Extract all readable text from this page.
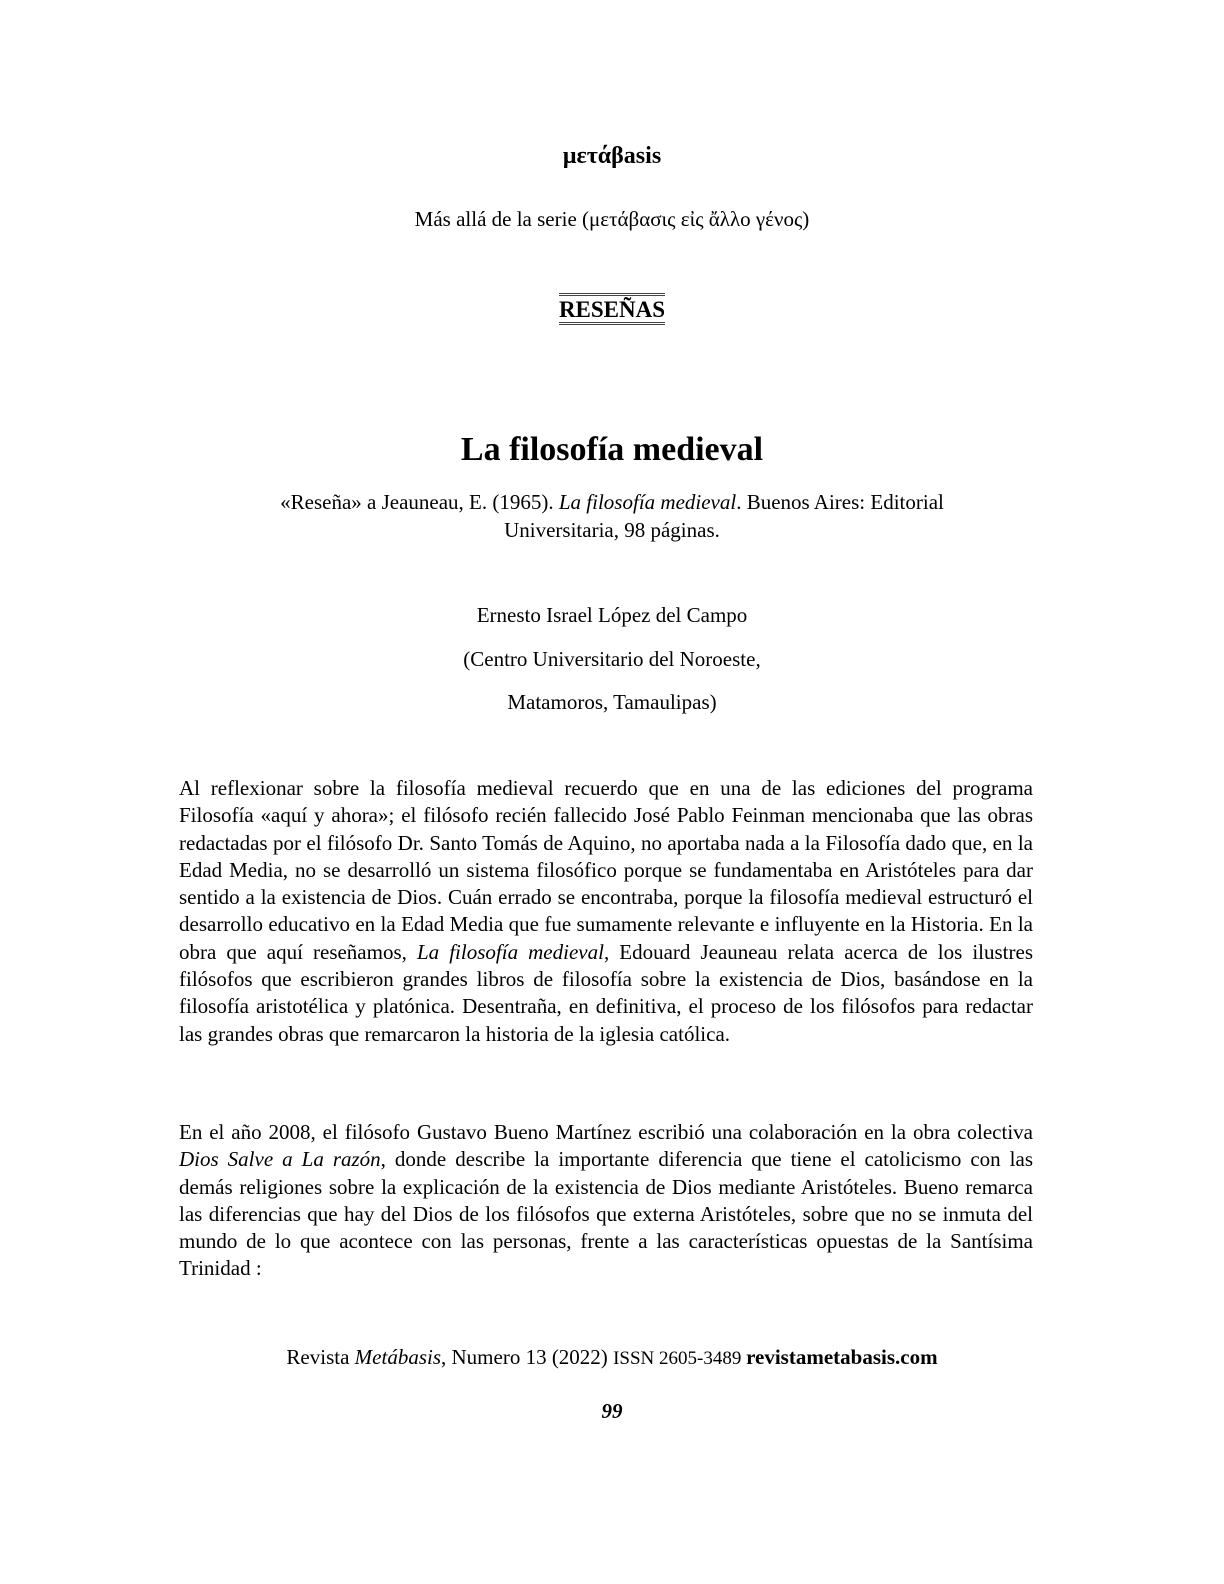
μετάβasis
Más allá de la serie (μετάβασις εἰς ἄλλο γένος)
RESEÑAS
La filosofía medieval
«Reseña» a Jeauneau, E. (1965). La filosofía medieval. Buenos Aires: Editorial Universitaria, 98 páginas.
Ernesto Israel López del Campo
(Centro Universitario del Noroeste,
Matamoros, Tamaulipas)

Al reflexionar sobre la filosofía medieval recuerdo que en una de las ediciones del programa Filosofía «aquí y ahora»; el filósofo recién fallecido José Pablo Feinman mencionaba que las obras redactadas por el filósofo Dr. Santo Tomás de Aquino, no aportaba nada a la Filosofía dado que, en la Edad Media, no se desarrolló un sistema filosófico porque se fundamentaba en Aristóteles para dar sentido a la existencia de Dios. Cuán errado se encontraba, porque la filosofía medieval estructuró el desarrollo educativo en la Edad Media que fue sumamente relevante e influyente en la Historia. En la obra que aquí reseñamos, La filosofía medieval, Edouard Jeauneau relata acerca de los ilustres filósofos que escribieron grandes libros de filosofía sobre la existencia de Dios, basándose en la filosofía aristotélica y platónica. Desentraña, en definitiva, el proceso de los filósofos para redactar las grandes obras que remarcaron la historia de la iglesia católica.

En el año 2008, el filósofo Gustavo Bueno Martínez escribió una colaboración en la obra colectiva Dios Salve a La razón, donde describe la importante diferencia que tiene el catolicismo con las demás religiones sobre la explicación de la existencia de Dios mediante Aristóteles. Bueno remarca las diferencias que hay del Dios de los filósofos que externa Aristóteles, sobre que no se inmuta del mundo de lo que acontece con las personas, frente a las características opuestas de la Santísima Trinidad :

Revista Metábasis, Numero 13 (2022) ISSN 2605-3489 revistametabasis.com
99
